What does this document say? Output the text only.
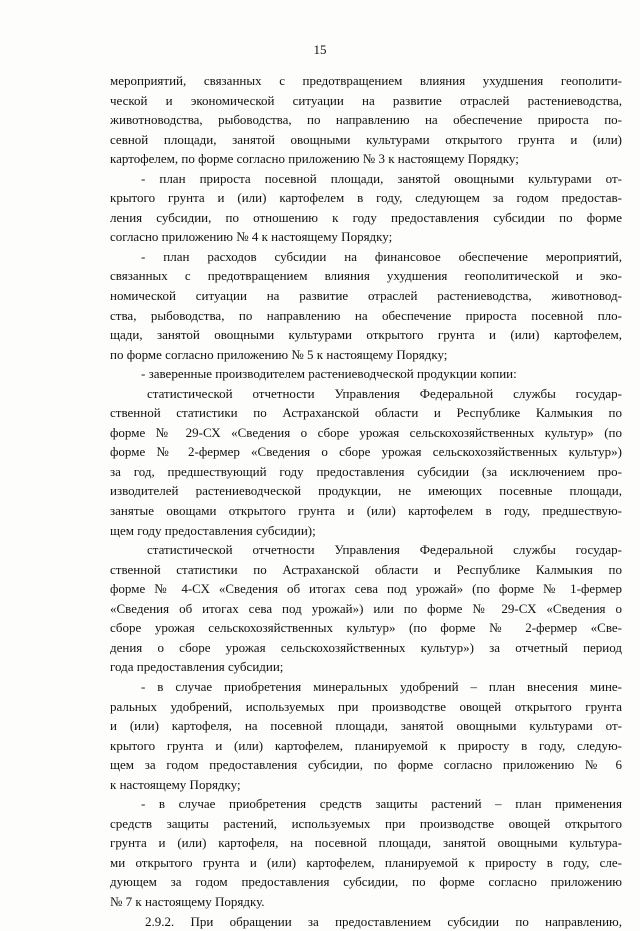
15
мероприятий, связанных с предотвращением влияния ухудшения геополити-
ческой и экономической ситуации на развитие отраслей растениеводства,
животноводства, рыбоводства, по направлению на обеспечение прироста по-
севной площади, занятой овощными культурами открытого грунта и (или)
картофелем, по форме согласно приложению № 3 к настоящему Порядку;
- план прироста посевной площади, занятой овощными культурами от-
крытого грунта и (или) картофелем в году, следующем за годом предостав-
ления субсидии, по отношению к году предоставления субсидии по форме
согласно приложению № 4 к настоящему Порядку;
- план расходов субсидии на финансовое обеспечение мероприятий,
связанных с предотвращением влияния ухудшения геополитической и эко-
номической ситуации на развитие отраслей растениеводства, животновод-
ства, рыбоводства, по направлению на обеспечение прироста посевной пло-
щади, занятой овощными культурами открытого грунта и (или) картофелем,
по форме согласно приложению № 5 к настоящему Порядку;
- заверенные производителем растениеводческой продукции копии:
статистической отчетности Управления Федеральной службы государ-
ственной статистики по Астраханской области и Республике Калмыкия по
форме № 29-СХ «Сведения о сборе урожая сельскохозяйственных культур» (по
форме № 2-фермер «Сведения о сборе урожая сельскохозяйственных культур»)
за год, предшествующий году предоставления субсидии (за исключением про-
изводителей растениеводческой продукции, не имеющих посевные площади,
занятые овощами открытого грунта и (или) картофелем в году, предшествую-
щем году предоставления субсидии);
статистической отчетности Управления Федеральной службы государ-
ственной статистики по Астраханской области и Республике Калмыкия по
форме № 4-СХ «Сведения об итогах сева под урожай» (по форме № 1-фермер
«Сведения об итогах сева под урожай») или по форме № 29-СХ «Сведения о
сборе урожая сельскохозяйственных культур» (по форме № 2-фермер «Све-
дения о сборе урожая сельскохозяйственных культур») за отчетный период
года предоставления субсидии;
- в случае приобретения минеральных удобрений – план внесения мине-
ральных удобрений, используемых при производстве овощей открытого грунта
и (или) картофеля, на посевной площади, занятой овощными культурами от-
крытого грунта и (или) картофелем, планируемой к приросту в году, следую-
щем за годом предоставления субсидии, по форме согласно приложению № 6
к настоящему Порядку;
- в случае приобретения средств защиты растений – план применения
средств защиты растений, используемых при производстве овощей открытого
грунта и (или) картофеля, на посевной площади, занятой овощными культура-
ми открытого грунта и (или) картофелем, планируемой к приросту в году, сле-
дующем за годом предоставления субсидии, по форме согласно приложению
№ 7 к настоящему Порядку.
2.9.2. При обращении за предоставлением субсидии по направлению,
